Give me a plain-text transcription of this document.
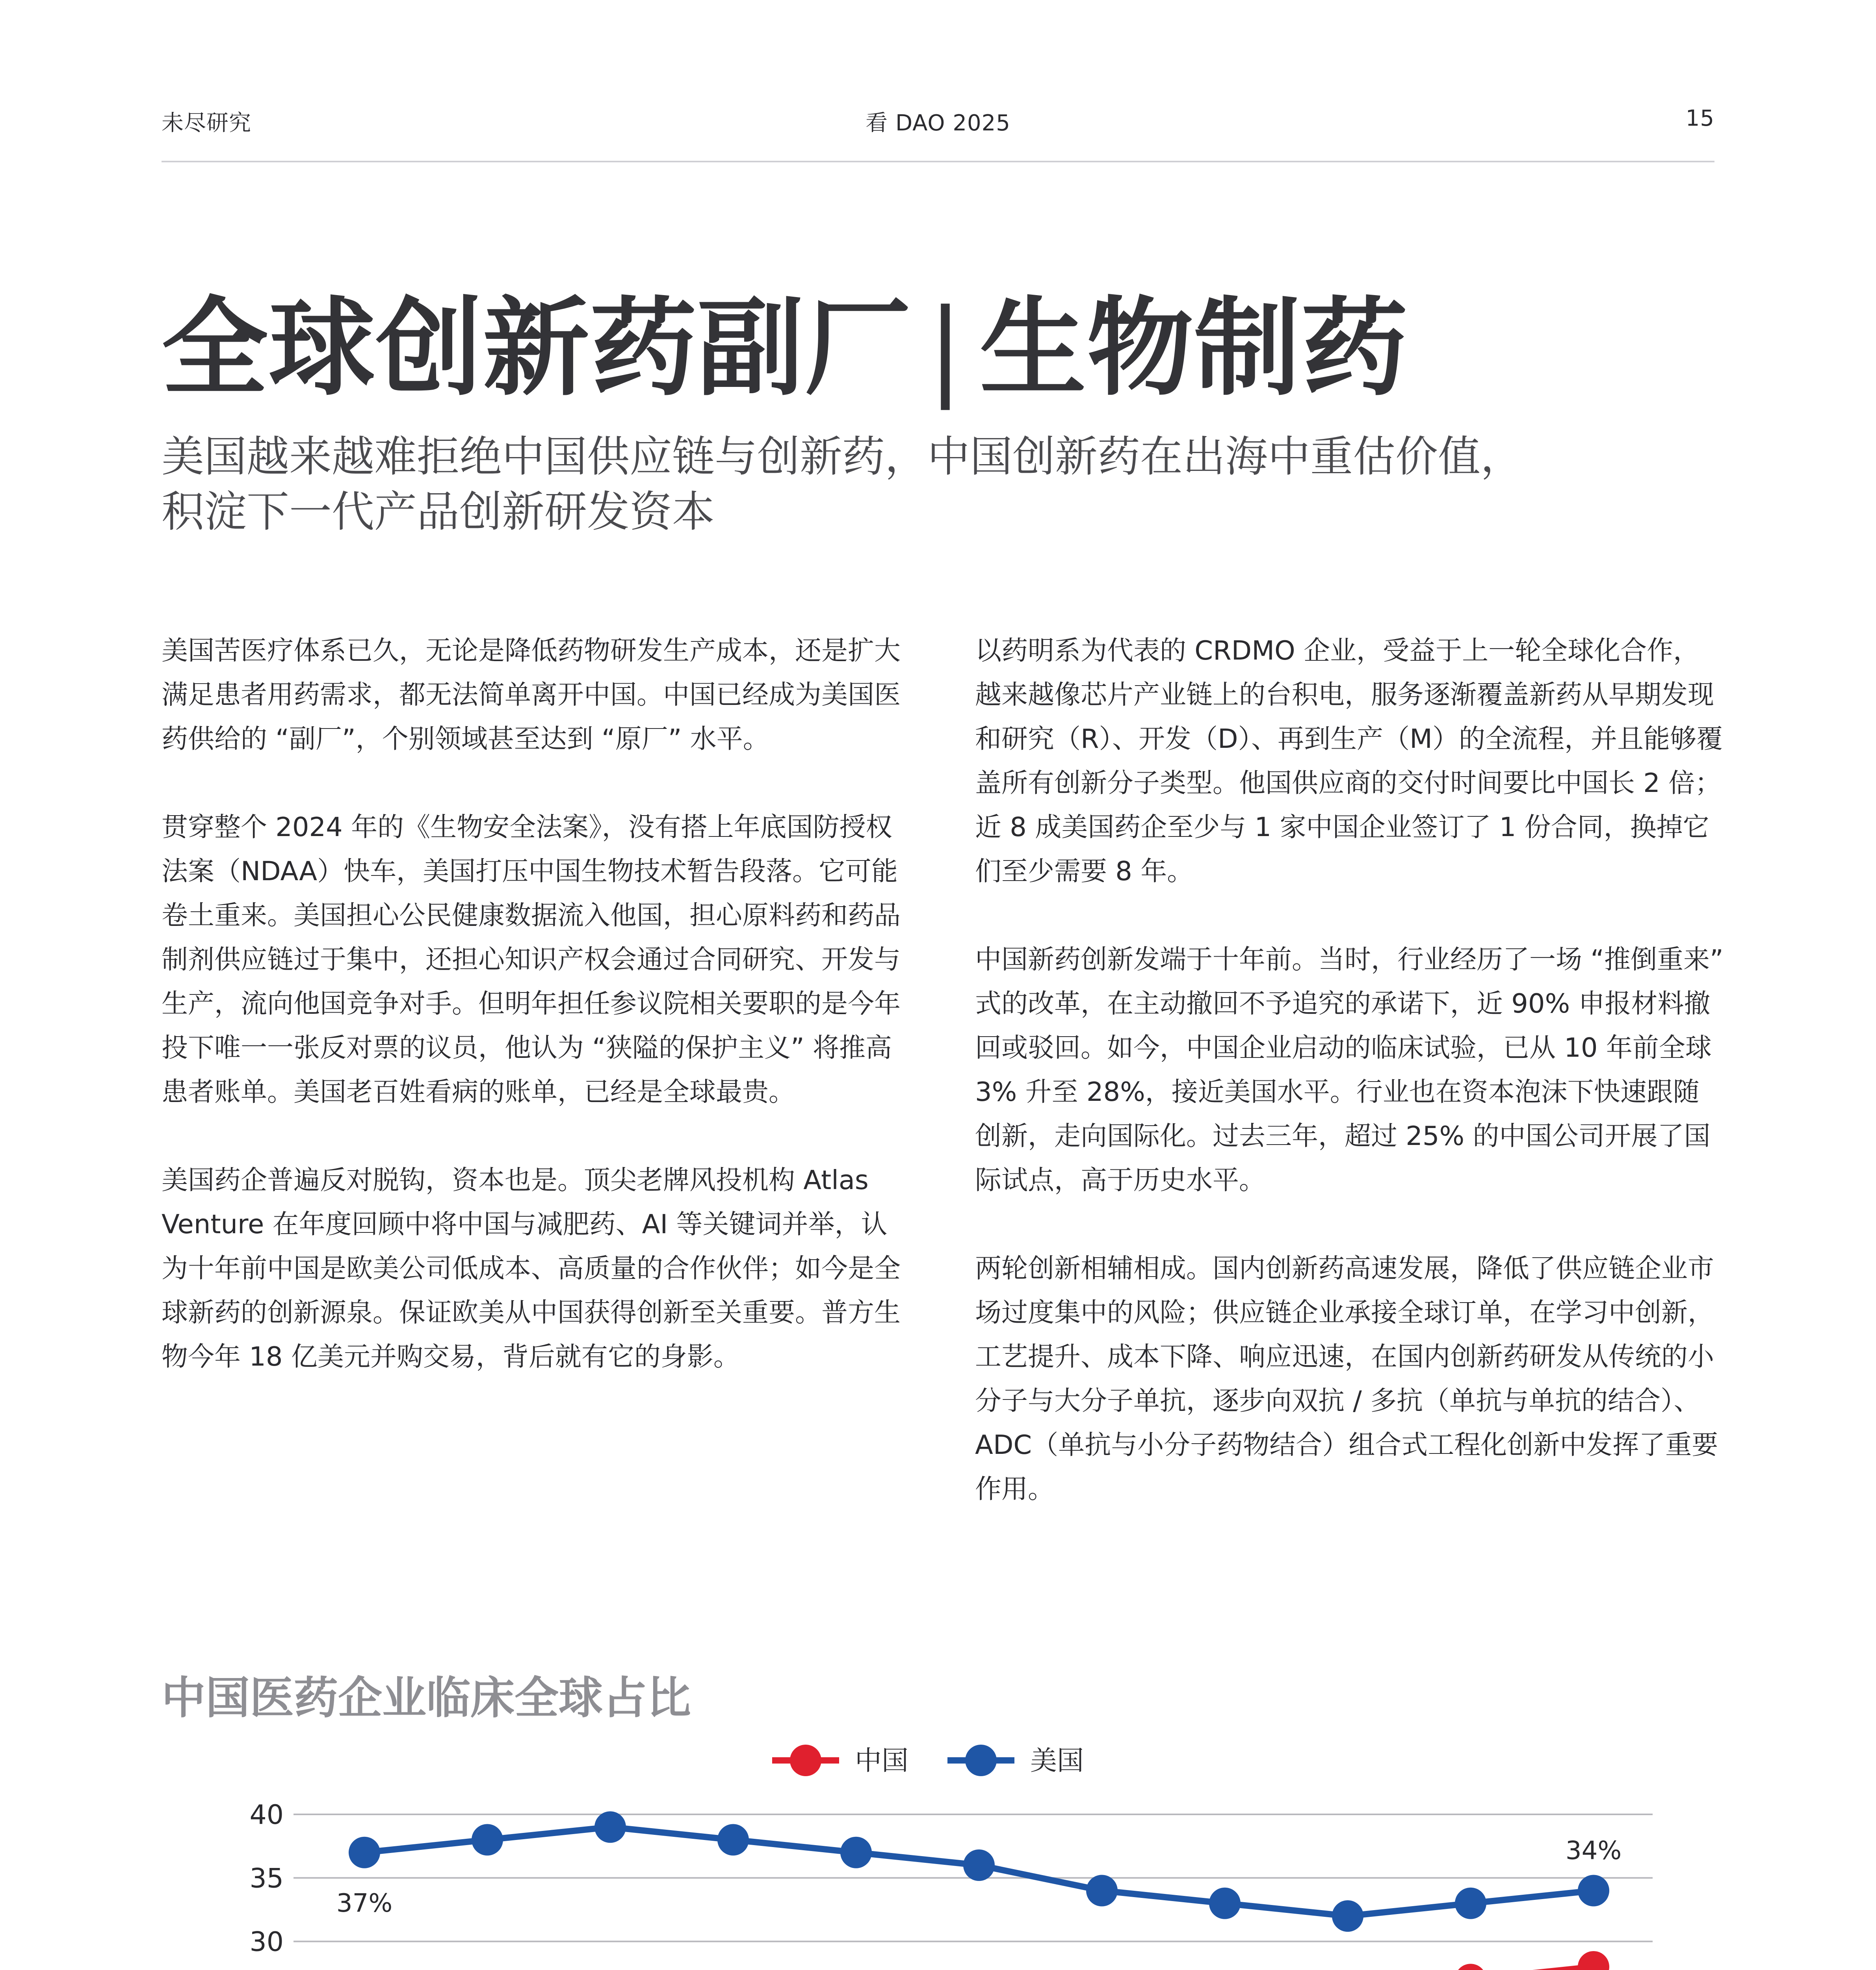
未尽研究	看 DAO 2025	15
全球创新药副厂 | 生物制药
美国越来越难拒绝中国供应链与创新药，中国创新药在出海中重估价值，
积淀下一代产品创新研发资本

美国苦医疗体系已久，无论是降低药物研发生产成本，还是扩大满足患者用药需求，都无法简单离开中国。中国已经成为美国医药供给的 “副厂”，个别领域甚至达到 “原厂” 水平。

贯穿整个 2024 年的《生物安全法案》，没有搭上年底国防授权法案（NDAA）快车，美国打压中国生物技术暂告段落。它可能卷土重来。美国担心公民健康数据流入他国，担心原料药和药品制剂供应链过于集中，还担心知识产权会通过合同研究、开发与生产，流向他国竞争对手。但明年担任参议院相关要职的是今年投下唯一一张反对票的议员，他认为 “狭隘的保护主义” 将推高患者账单。美国老百姓看病的账单，已经是全球最贵。

美国药企普遍反对脱钩，资本也是。顶尖老牌风投机构 Atlas Venture 在年度回顾中将中国与减肥药、AI 等关键词并举，认为十年前中国是欧美公司低成本、高质量的合作伙伴；如今是全球新药的创新源泉。保证欧美从中国获得创新至关重要。普方生物今年 18 亿美元并购交易，背后就有它的身影。

以药明系为代表的 CRDMO 企业，受益于上一轮全球化合作，越来越像芯片产业链上的台积电，服务逐渐覆盖新药从早期发现和研究（R）、开发（D）、再到生产（M）的全流程，并且能够覆盖所有创新分子类型。他国供应商的交付时间要比中国长 2 倍；近 8 成美国药企至少与 1 家中国企业签订了 1 份合同，换掉它们至少需要 8 年。

中国新药创新发端于十年前。当时，行业经历了一场 “推倒重来” 式的改革，在主动撤回不予追究的承诺下，近 90% 申报材料撤回或驳回。如今，中国企业启动的临床试验，已从 10 年前全球 3% 升至 28%，接近美国水平。行业也在资本泡沫下快速跟随创新，走向国际化。过去三年，超过 25% 的中国公司开展了国际试点，高于历史水平。

两轮创新相辅相成。国内创新药高速发展，降低了供应链企业市场过度集中的风险；供应链企业承接全球订单，在学习中创新，工艺提升、成本下降、响应迅速，在国内创新药研发从传统的小分子与大分子单抗，逐步向双抗 / 多抗（单抗与单抗的结合）、ADC（单抗与小分子药物结合）组合式工程化创新中发挥了重要作用。

中国医药企业临床全球占比
30
35
40
中国	美国
37%
34%
